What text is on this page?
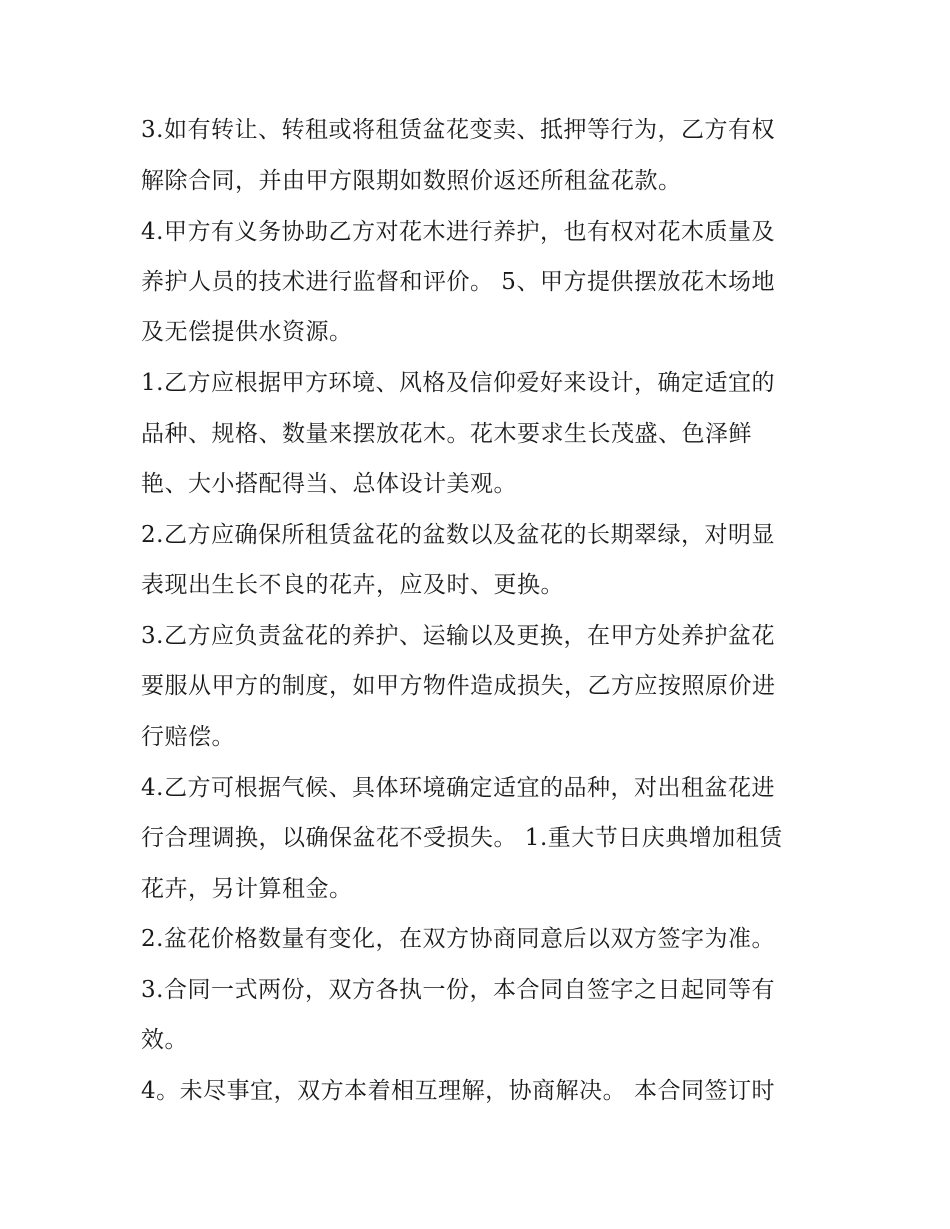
3.如有转让、转租或将租赁盆花变卖、抵押等行为，乙方有权
解除合同，并由甲方限期如数照价返还所租盆花款。
4.甲方有义务协助乙方对花木进行养护，也有权对花木质量及
养护人员的技术进行监督和评价。 5、甲方提供摆放花木场地
及无偿提供水资源。
1.乙方应根据甲方环境、风格及信仰爱好来设计，确定适宜的
品种、规格、数量来摆放花木。花木要求生长茂盛、色泽鲜
艳、大小搭配得当、总体设计美观。
2.乙方应确保所租赁盆花的盆数以及盆花的长期翠绿，对明显
表现出生长不良的花卉，应及时、更换。
3.乙方应负责盆花的养护、运输以及更换，在甲方处养护盆花
要服从甲方的制度，如甲方物件造成损失，乙方应按照原价进
行赔偿。
4.乙方可根据气候、具体环境确定适宜的品种，对出租盆花进
行合理调换，以确保盆花不受损失。 1.重大节日庆典增加租赁
花卉，另计算租金。
2.盆花价格数量有变化，在双方协商同意后以双方签字为准。
3.合同一式两份，双方各执一份，本合同自签字之日起同等有
效。
4。未尽事宜，双方本着相互理解，协商解决。 本合同签订时
